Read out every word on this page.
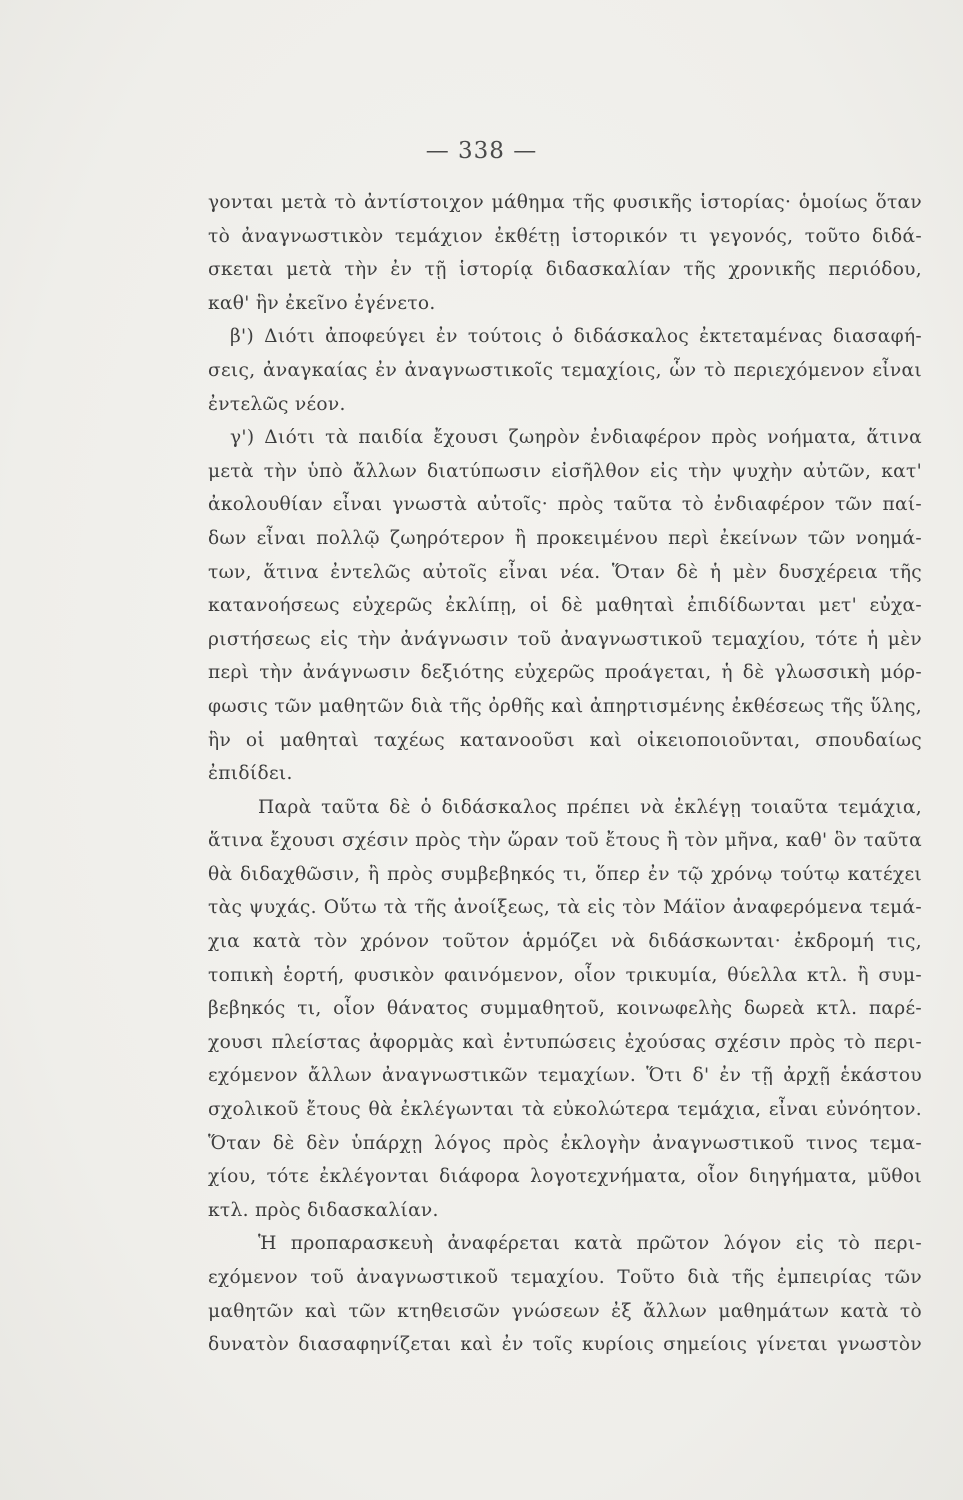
— 338 —
γονται μετὰ τὸ ἀντίστοιχον μάθημα τῆς φυσικῆς ἱστορίας· ὁμοίως ὅταν
τὸ ἀναγνωστικὸν τεμάχιον ἐκθέτῃ ἱστορικόν τι γεγονός, τοῦτο διδά-
σκεται μετὰ τὴν ἐν τῇ ἱστορίᾳ διδασκαλίαν τῆς χρονικῆς περιόδου,
καθ' ἣν ἐκεῖνο ἐγένετο.
β') Διότι ἀποφεύγει ἐν τούτοις ὁ διδάσκαλος ἐκτεταμένας διασαφή-
σεις, ἀναγκαίας ἐν ἀναγνωστικοῖς τεμαχίοις, ὧν τὸ περιεχόμενον εἶναι
ἐντελῶς νέον.
γ') Διότι τὰ παιδία ἔχουσι ζωηρὸν ἐνδιαφέρον πρὸς νοήματα, ἅτινα
μετὰ τὴν ὑπὸ ἄλλων διατύπωσιν εἰσῆλθον εἰς τὴν ψυχὴν αὐτῶν, κατ'
ἀκολουθίαν εἶναι γνωστὰ αὐτοῖς· πρὸς ταῦτα τὸ ἐνδιαφέρον τῶν παί-
δων εἶναι πολλῷ ζωηρότερον ἢ προκειμένου περὶ ἐκείνων τῶν νοημά-
των, ἅτινα ἐντελῶς αὐτοῖς εἶναι νέα. Ὅταν δὲ ἡ μὲν δυσχέρεια τῆς
κατανοήσεως εὐχερῶς ἐκλίπῃ, οἱ δὲ μαθηταὶ ἐπιδίδωνται μετ' εὐχα-
ριστήσεως εἰς τὴν ἀνάγνωσιν τοῦ ἀναγνωστικοῦ τεμαχίου, τότε ἡ μὲν
περὶ τὴν ἀνάγνωσιν δεξιότης εὐχερῶς προάγεται, ἡ δὲ γλωσσικὴ μόρ-
φωσις τῶν μαθητῶν διὰ τῆς ὀρθῆς καὶ ἀπηρτισμένης ἐκθέσεως τῆς ὕλης,
ἣν οἱ μαθηταὶ ταχέως κατανοοῦσι καὶ οἰκειοποιοῦνται, σπουδαίως
ἐπιδίδει.
Παρὰ ταῦτα δὲ ὁ διδάσκαλος πρέπει νὰ ἐκλέγῃ τοιαῦτα τεμάχια,
ἅτινα ἔχουσι σχέσιν πρὸς τὴν ὥραν τοῦ ἔτους ἢ τὸν μῆνα, καθ' ὃν ταῦτα
θὰ διδαχθῶσιν, ἢ πρὸς συμβεβηκός τι, ὅπερ ἐν τῷ χρόνῳ τούτῳ κατέχει
τὰς ψυχάς. Οὕτω τὰ τῆς ἀνοίξεως, τὰ εἰς τὸν Μάϊον ἀναφερόμενα τεμά-
χια κατὰ τὸν χρόνον τοῦτον ἁρμόζει νὰ διδάσκωνται· ἐκδρομή τις,
τοπικὴ ἑορτή, φυσικὸν φαινόμενον, οἷον τρικυμία, θύελλα κτλ. ἢ συμ-
βεβηκός τι, οἷον θάνατος συμμαθητοῦ, κοινωφελὴς δωρεὰ κτλ. παρέ-
χουσι πλείστας ἀφορμὰς καὶ ἐντυπώσεις ἐχούσας σχέσιν πρὸς τὸ περι-
εχόμενον ἄλλων ἀναγνωστικῶν τεμαχίων. Ὅτι δ' ἐν τῇ ἀρχῇ ἑκάστου
σχολικοῦ ἔτους θὰ ἐκλέγωνται τὰ εὐκολώτερα τεμάχια, εἶναι εὐνόητον.
Ὅταν δὲ δὲν ὑπάρχῃ λόγος πρὸς ἐκλογὴν ἀναγνωστικοῦ τινος τεμα-
χίου, τότε ἐκλέγονται διάφορα λογοτεχνήματα, οἷον διηγήματα, μῦθοι
κτλ. πρὸς διδασκαλίαν.
Ἡ προπαρασκευὴ ἀναφέρεται κατὰ πρῶτον λόγον εἰς τὸ περι-
εχόμενον τοῦ ἀναγνωστικοῦ τεμαχίου. Τοῦτο διὰ τῆς ἐμπειρίας τῶν
μαθητῶν καὶ τῶν κτηθεισῶν γνώσεων ἐξ ἄλλων μαθημάτων κατὰ τὸ
δυνατὸν διασαφηνίζεται καὶ ἐν τοῖς κυρίοις σημείοις γίνεται γνωστὸν
